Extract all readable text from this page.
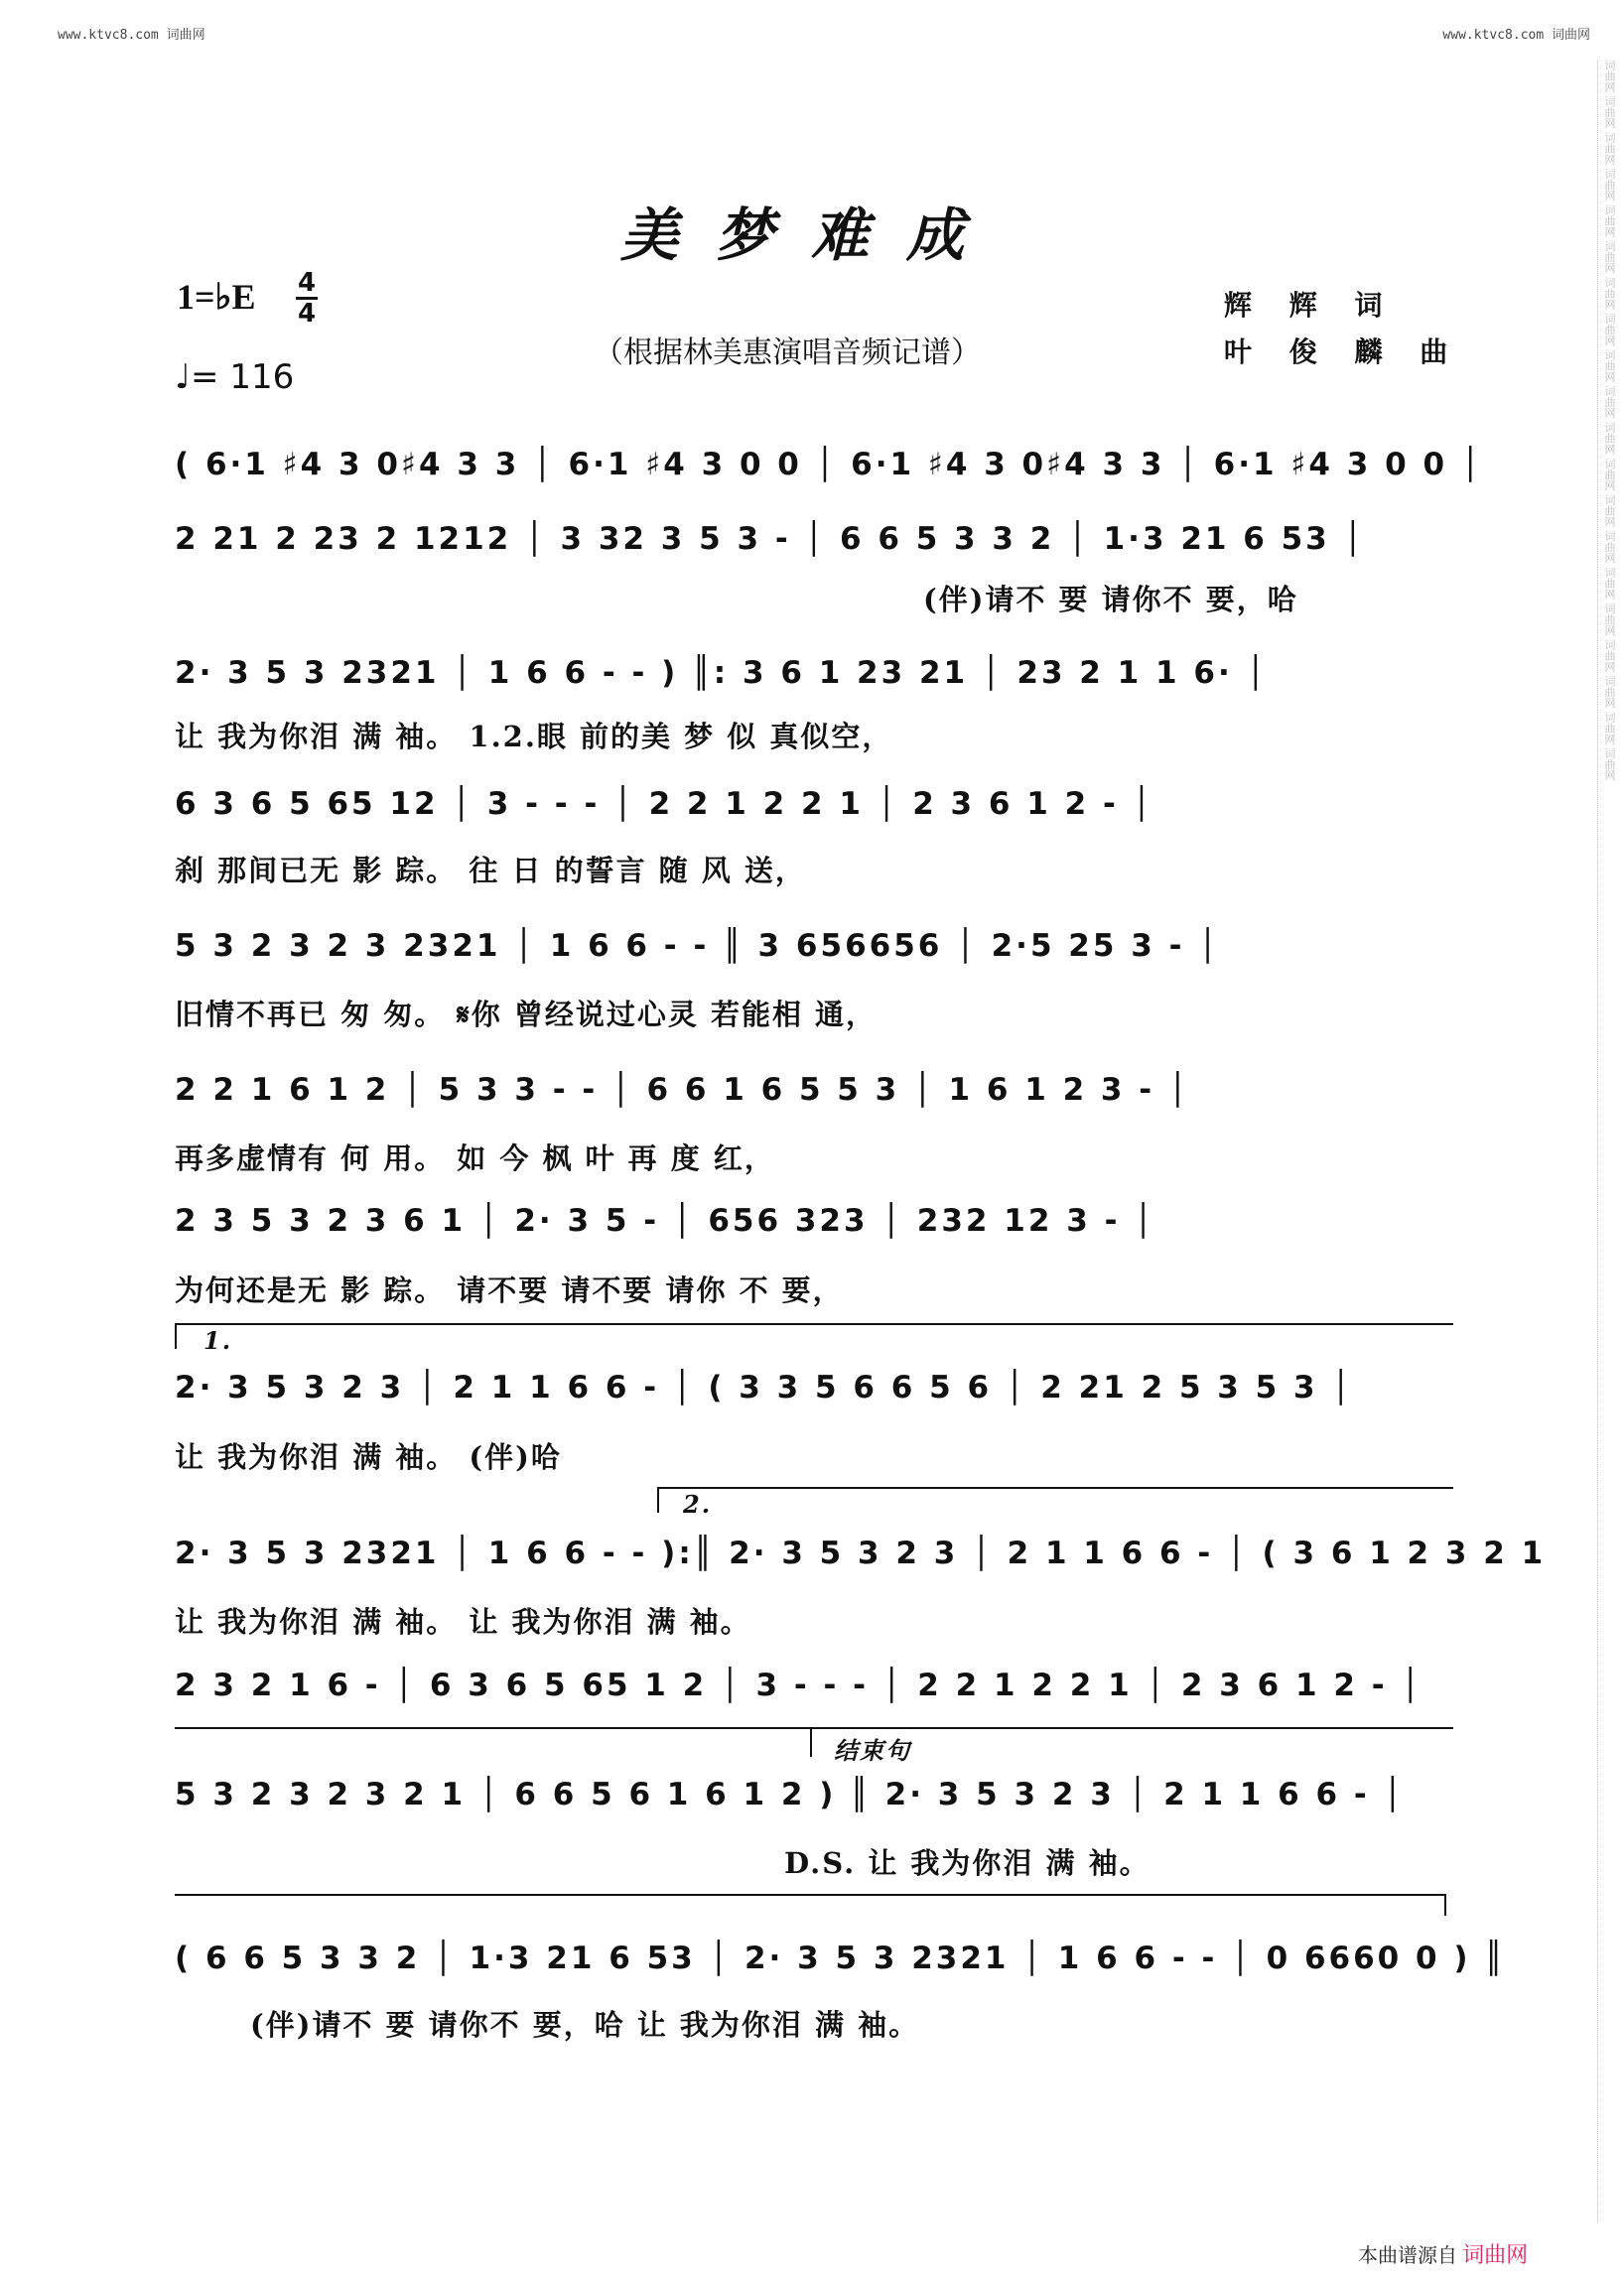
词曲网 词曲网 词曲网 词曲网 词曲网 词曲网 词曲网 词曲网 词曲网 词曲网 词曲网 词曲网 词曲网 词曲网 词曲网 词曲网 词曲网 词曲网 词曲网 词曲网
www.ktvc8.com 词曲网	www.ktvc8.com 词曲网
美梦难成
1=♭E 4
4
♩= 116
（根据林美惠演唱音频记谱）
辉 辉 词
叶 俊 麟 曲
( 6·1 ♯4 3 0♯4 3 3 │ 6·1 ♯4 3 0 0 │ 6·1 ♯4 3 0♯4 3 3 │ 6·1 ♯4 3 0 0 │
2 21 2 23 2 1212 │ 3 32 3 5 3 - │ 6 6 5 3 3 2 │ 1·3 21 6 53 │
(伴)请不 要 请你不 要，哈
2· 3 5 3 2321 │ 1 6 6 - - ) ║: 3 6 1 23 21 │ 23 2 1 1 6· │
让 我为你泪 满 袖。 1.2.眼 前的美 梦 似 真似空，
6 3 6 5 65 12 │ 3 - - - │ 2 2 1 2 2 1 │ 2 3 6 1 2 - │
刹 那间已无 影 踪。 往 日 的誓言 随 风 送，
5 3 2 3 2 3 2321 │ 1 6 6 - - ║ 3 656656 │ 2·5 25 3 - │
旧情不再已 匆 匆。 𝄋你 曾经说过心灵 若能相 通，
2 2 1 6 1 2 │ 5 3 3 - - │ 6 6 1 6 5 5 3 │ 1 6 1 2 3 - │
再多虚情有 何 用。 如 今 枫 叶 再 度 红，
2 3 5 3 2 3 6 1 │ 2· 3 5 - │ 656 323 │ 232 12 3 - │
为何还是无 影 踪。 请不要 请不要 请你 不 要，
1.
2· 3 5 3 2 3 │ 2 1 1 6 6 - │ ( 3 3 5 6 6 5 6 │ 2 21 2 5 3 5 3 │
让 我为你泪 满 袖。 (伴)哈
2.
2· 3 5 3 2321 │ 1 6 6 - - ):║ 2· 3 5 3 2 3 │ 2 1 1 6 6 - │ ( 3 6 1 2 3 2 1
让 我为你泪 满 袖。 让 我为你泪 满 袖。
2 3 2 1 6 - │ 6 3 6 5 65 1 2 │ 3 - - - │ 2 2 1 2 2 1 │ 2 3 6 1 2 - │
结束句
5 3 2 3 2 3 2 1 │ 6 6 5 6 1 6 1 2 ) ║ 2· 3 5 3 2 3 │ 2 1 1 6 6 - │
D.S. 让 我为你泪 满 袖。
( 6 6 5 3 3 2 │ 1·3 21 6 53 │ 2· 3 5 3 2321 │ 1 6 6 - - │ 0 6660 0 ) ║
(伴)请不 要 请你不 要，哈 让 我为你泪 满 袖。
本曲谱源自 词曲网
